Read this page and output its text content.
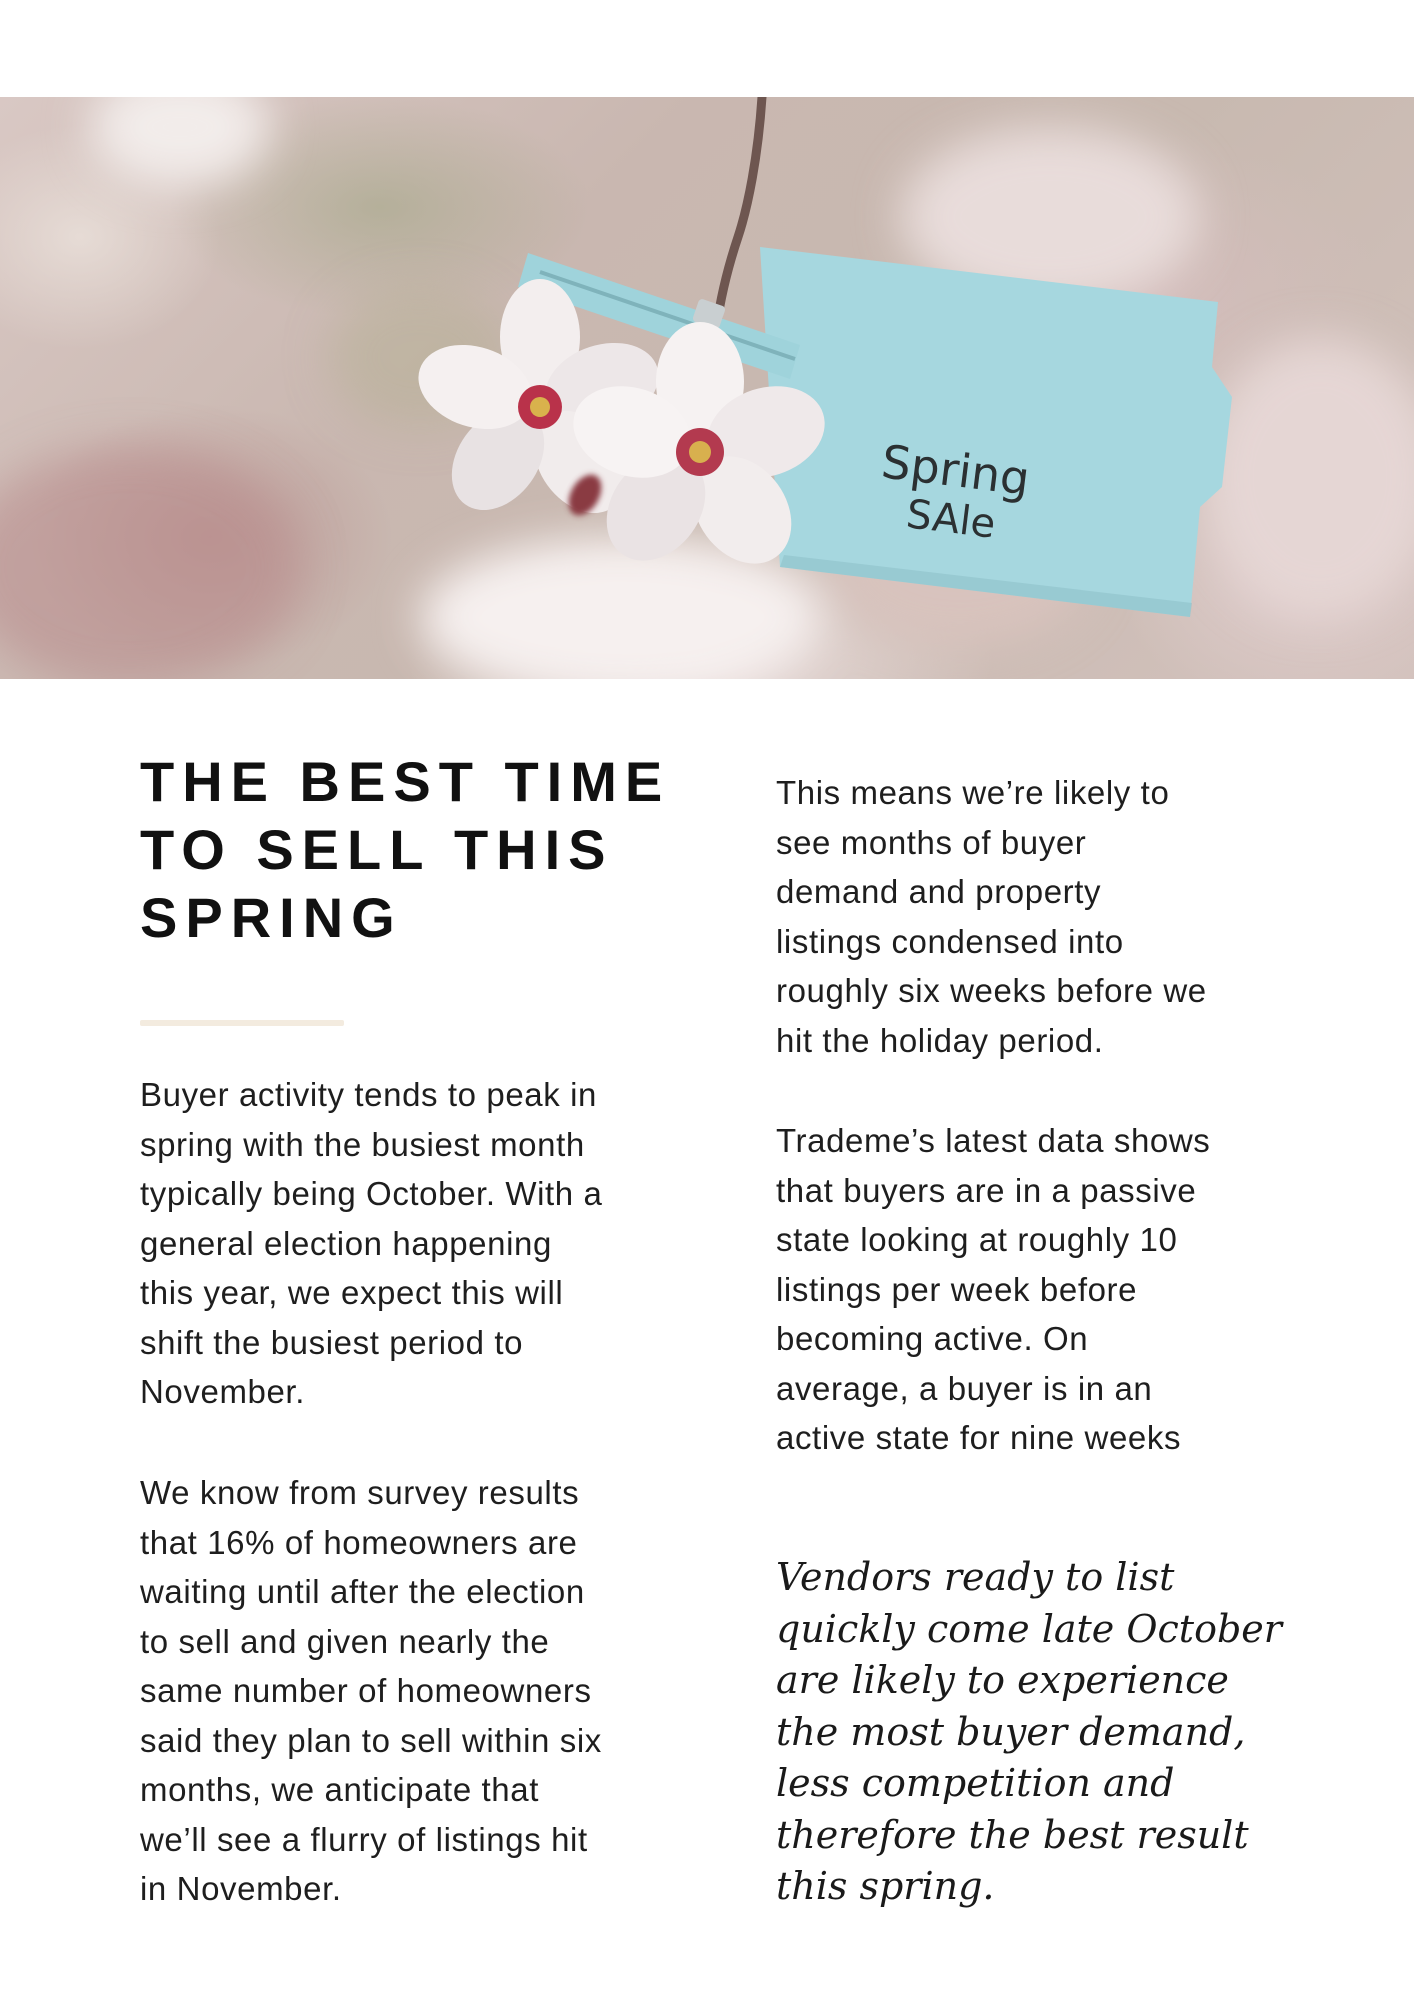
Spring
SAle
THE BEST TIME
TO SELL THIS
SPRING

Buyer activity tends to peak in
spring with the busiest month
typically being October. With a
general election happening
this year, we expect this will
shift the busiest period to
November.

We know from survey results
that 16% of homeowners are
waiting until after the election
to sell and given nearly the
same number of homeowners
said they plan to sell within six
months, we anticipate that
we’ll see a flurry of listings hit
in November.

This means we’re likely to
see months of buyer
demand and property
listings condensed into
roughly six weeks before we
hit the holiday period.

Trademe’s latest data shows
that buyers are in a passive
state looking at roughly 10
listings per week before
becoming active. On
average, a buyer is in an
active state for nine weeks

Vendors ready to list
quickly come late October
are likely to experience
the most buyer demand,
less competition and
therefore the best result
this spring.
